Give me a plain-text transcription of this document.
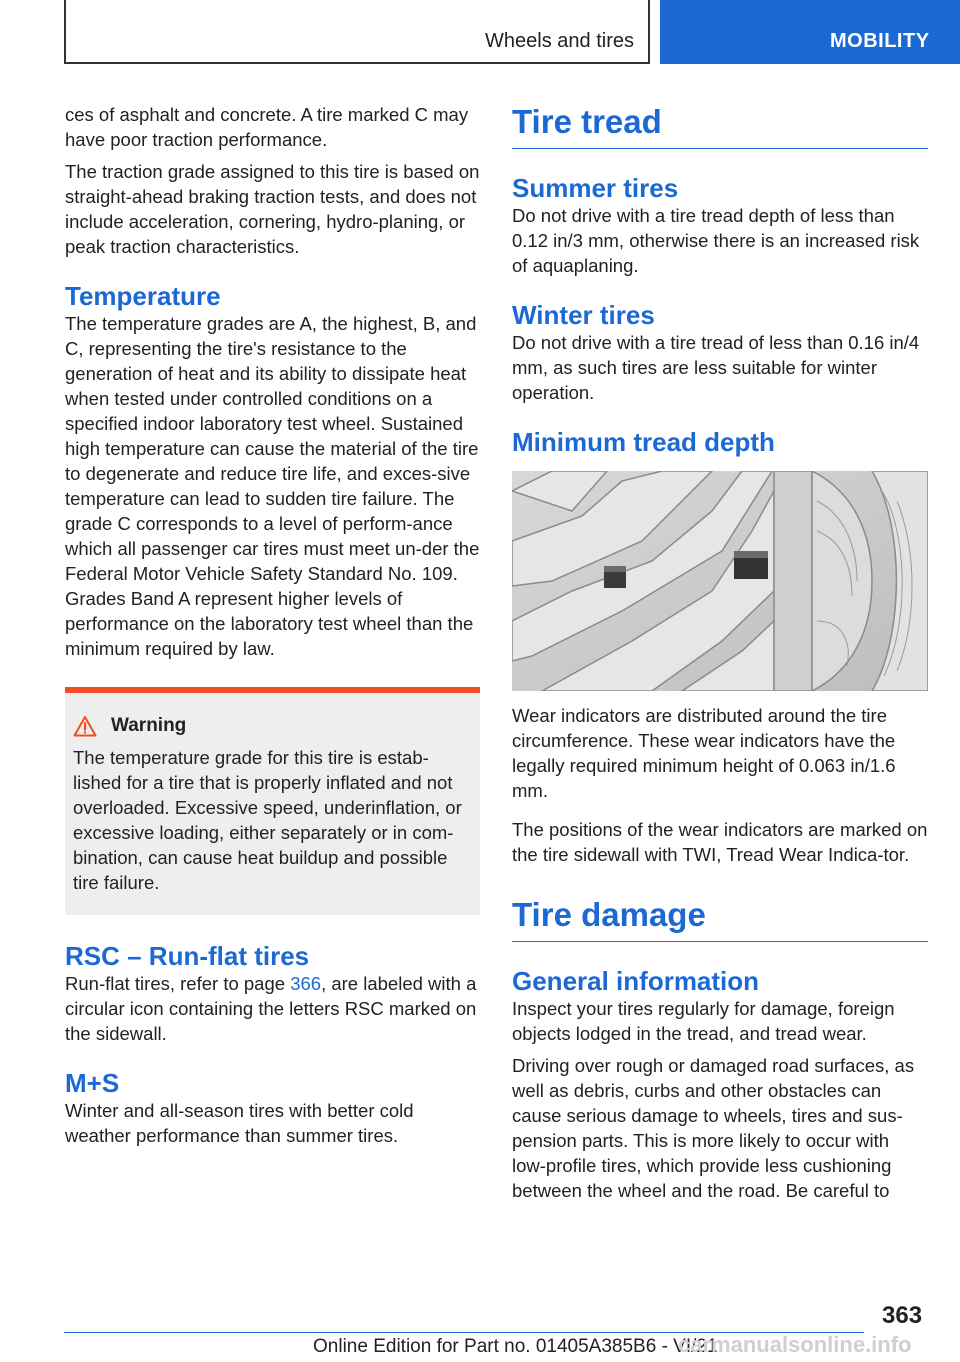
Wheels and tires	MOBILITY

ces of asphalt and concrete. A tire marked C may have poor traction performance.

The traction grade assigned to this tire is based on straight-ahead braking traction tests, and does not include acceleration, cornering, hydro-planing, or peak traction characteristics.

Temperature

The temperature grades are A, the highest, B, and C, representing the tire's resistance to the generation of heat and its ability to dissipate heat when tested under controlled conditions on a specified indoor laboratory test wheel. Sustained high temperature can cause the material of the tire to degenerate and reduce tire life, and exces-sive temperature can lead to sudden tire failure. The grade C corresponds to a level of perform-ance which all passenger car tires must meet un-der the Federal Motor Vehicle Safety Standard No. 109. Grades Band A represent higher levels of performance on the laboratory test wheel than the minimum required by law.

Warning

The temperature grade for this tire is estab-lished for a tire that is properly inflated and not overloaded. Excessive speed, underinflation, or excessive loading, either separately or in com-bination, can cause heat buildup and possible tire failure.

RSC – Run-flat tires

Run-flat tires, refer to page 366, are labeled with a circular icon containing the letters RSC marked on the sidewall.

M+S

Winter and all-season tires with better cold weather performance than summer tires.

Tire tread
Summer tires

Do not drive with a tire tread depth of less than 0.12 in/3 mm, otherwise there is an increased risk of aquaplaning.

Winter tires

Do not drive with a tire tread of less than 0.16 in/4 mm, as such tires are less suitable for winter operation.

Minimum tread depth

Wear indicators are distributed around the tire circumference. These wear indicators have the legally required minimum height of 0.063 in/1.6 mm.

The positions of the wear indicators are marked on the tire sidewall with TWI, Tread Wear Indica-tor.

Tire damage
General information

Inspect your tires regularly for damage, foreign objects lodged in the tread, and tread wear.

Driving over rough or damaged road surfaces, as well as debris, curbs and other obstacles can cause serious damage to wheels, tires and sus-pension parts. This is more likely to occur with low-profile tires, which provide less cushioning between the wheel and the road. Be careful to

363
Online Edition for Part no. 01405A385B6 - VI/21
carmanualsonline.info
